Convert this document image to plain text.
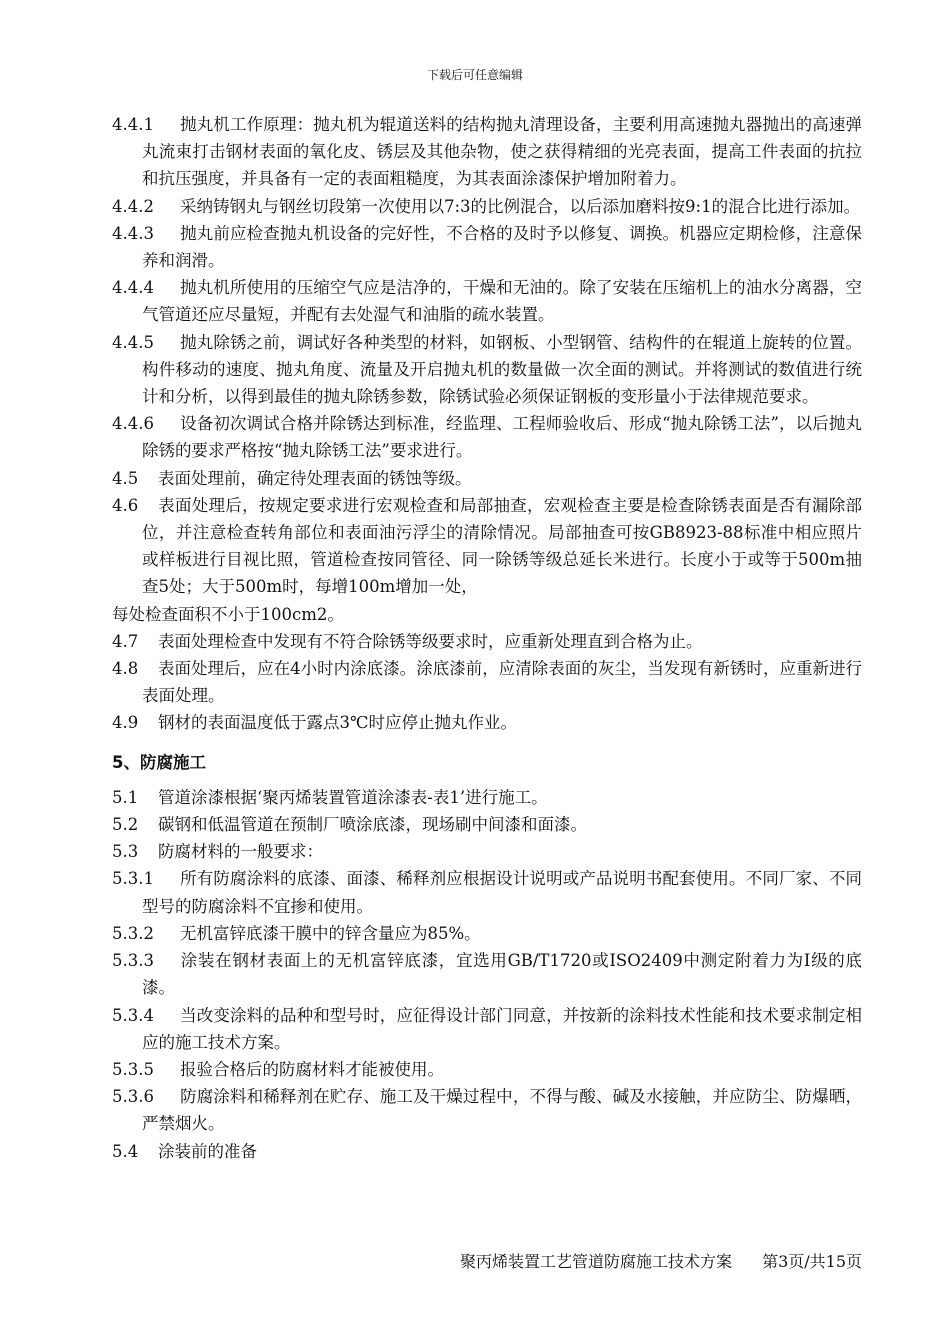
下载后可任意编辑

4.4.1 抛丸机工作原理：抛丸机为辊道送料的结构抛丸清理设备，主要利用高速抛丸器抛出的高速弹丸流束打击钢材表面的氧化皮、锈层及其他杂物，使之获得精细的光亮表面，提高工件表面的抗拉和抗压强度，并具备有一定的表面粗糙度，为其表面涂漆保护增加附着力。

4.4.2 采纳铸钢丸与钢丝切段第一次使用以7:3的比例混合，以后添加磨料按9:1的混合比进行添加。

4.4.3 抛丸前应检查抛丸机设备的完好性，不合格的及时予以修复、调换。机器应定期检修，注意保养和润滑。

4.4.4 抛丸机所使用的压缩空气应是洁净的，干燥和无油的。除了安装在压缩机上的油水分离器，空气管道还应尽量短，并配有去处湿气和油脂的疏水装置。

4.4.5 抛丸除锈之前，调试好各种类型的材料，如钢板、小型钢管、结构件的在辊道上旋转的位置。构件移动的速度、抛丸角度、流量及开启抛丸机的数量做一次全面的测试。并将测试的数值进行统计和分析，以得到最佳的抛丸除锈参数，除锈试验必须保证钢板的变形量小于法律规范要求。

4.4.6 设备初次调试合格并除锈达到标准，经监理、工程师验收后、形成“抛丸除锈工法”，以后抛丸除锈的要求严格按“抛丸除锈工法”要求进行。

4.5 表面处理前，确定待处理表面的锈蚀等级。

4.6 表面处理后，按规定要求进行宏观检查和局部抽查，宏观检查主要是检查除锈表面是否有漏除部位，并注意检查转角部位和表面油污浮尘的清除情况。局部抽查可按GB8923-88标准中相应照片或样板进行目视比照，管道检查按同管径、同一除锈等级总延长米进行。长度小于或等于500m抽查5处；大于500m时，每增100m增加一处，

每处检查面积不小于100cm2。

4.7 表面处理检查中发现有不符合除锈等级要求时，应重新处理直到合格为止。

4.8 表面处理后，应在4小时内涂底漆。涂底漆前，应清除表面的灰尘，当发现有新锈时，应重新进行表面处理。

4.9 钢材的表面温度低于露点3℃时应停止抛丸作业。

5、防腐施工

5.1 管道涂漆根据‘聚丙烯装置管道涂漆表-表1’进行施工。

5.2 碳钢和低温管道在预制厂喷涂底漆，现场刷中间漆和面漆。

5.3 防腐材料的一般要求：

5.3.1 所有防腐涂料的底漆、面漆、稀释剂应根据设计说明或产品说明书配套使用。不同厂家、不同型号的防腐涂料不宜掺和使用。

5.3.2 无机富锌底漆干膜中的锌含量应为85%。

5.3.3 涂装在钢材表面上的无机富锌底漆，宜选用GB/T1720或ISO2409中测定附着力为Ⅰ级的底漆。

5.3.4 当改变涂料的品种和型号时，应征得设计部门同意，并按新的涂料技术性能和技术要求制定相应的施工技术方案。

5.3.5 报验合格后的防腐材料才能被使用。

5.3.6 防腐涂料和稀释剂在贮存、施工及干燥过程中，不得与酸、碱及水接触，并应防尘、防爆晒，严禁烟火。

5.4 涂装前的准备

聚丙烯装置工艺管道防腐施工技术方案 第3页/共15页
